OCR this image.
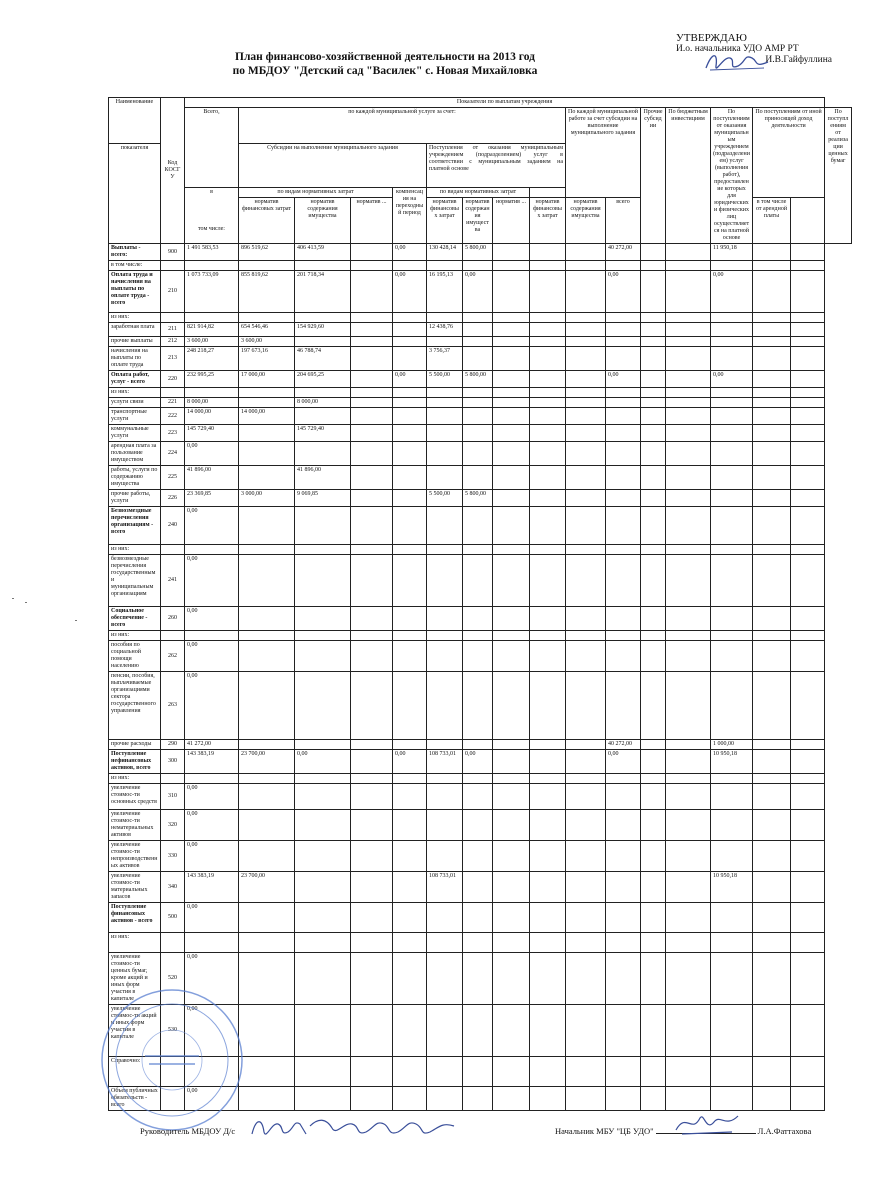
План финансово-хозяйственной деятельности на 2013 год
по МБДОУ "Детский сад "Василек" с. Новая Михайловка
УТВЕРЖДАЮ
И.о. начальника УДО АМР РТ
И.В.Гайфуллина
Наименование	Код КОСГУ	Показатели по выплатам учреждения																
		Всего,	по каждой муниципальной услуге за счет:								По каждой муниципальной работе за счет субсидии на выполнение муниципального задания		Прочие субсидии	По бюджетным инвестициям	По поступлениям от оказания муниципальным учреждением (подразделением) услуг (выполнения работ), предоставление которых для юридических и физических лиц осуществляется на платной основе	По поступлениям от иной приносящей доход деятельности		По поступлениям от реализации ценных бумаг
показателя			Субсидии на выполнение муниципального задания				Поступления от оказания муниципальным учреждением (подразделением) услуг в соответствии с муниципальным заданием на платной основе											

		в
том числе:	по видам нормативных затрат			компенсация на переходный период	по видам нормативных затрат											
			норматив финансовых затрат	норматив содержания имущества	норматив ...		норматив финансовых затрат	норматив содержания имущества	норматив ...	норматив финансовых затрат	норматив содержания имущества	всего				в том числе от арендной платы		
Выплаты - всего:	900	1 491 583,53	896 519,62	406 413,59		0,00	130 428,14	5 800,00				40 272,00			11 950,18			
в том числе:																		
Оплата труда и начисления на выплаты по оплате труда - всего	210	1 073 733,09	855 819,62	201 718,34		0,00	16 195,13	0,00				0,00			0,00			
из них:																		
заработная плата	211	821 914,82	654 546,46	154 929,60			12 438,76											
прочие выплаты	212	3 600,00	3 600,00															
начисления на выплаты по оплате труда	213	248 218,27	197 673,16	46 788,74			3 756,37											
Оплата работ, услуг - всего	220	232 995,25	17 000,00	204 695,25		0,00	5 500,00	5 800,00				0,00			0,00			
из них:																		
услуги связи	221	8 000,00		8 000,00														
транспортные услуги	222	14 000,00	14 000,00															
коммунальные услуги	223	145 729,40		145 729,40														
арендная плата за пользование имуществом	224	0,00																
работы, услуги по содержанию имущества	225	41 896,00		41 896,00														
прочие работы, услуги	226	23 369,85	3 000,00	9 069,85			5 500,00	5 800,00										
Безвозмездные перечисления организациям - всего	240	0,00																
из них:																		
безвозмездные перечисления государственным и муниципальным организациям	241	0,00																
Социальное обеспечение - всего	260	0,00																
из них:																		
пособия по социальной помощи населению	262	0,00																
пенсии, пособия, выплачиваемые организациями сектора государственного управления	263	0,00																
прочие расходы	290	41 272,00										40 272,00			1 000,00			
Поступление нефинансовых активов, всего	300	143 383,19	23 700,00	0,00		0,00	108 733,01	0,00				0,00			10 950,18			
из них:																		
увеличение стоимос-ти основных средств	310	0,00																
увеличение стоимос-ти нематериальных активов	320	0,00																
увеличение стоимос-ти непроизводственных активов	330	0,00																
увеличение стоимос-ти материальных запасов	340	143 383,19	23 700,00				108 733,01								10 950,18			
Поступление финансовых активов - всего	500	0,00																
из них:																		
увеличение стоимос-ти ценных бумаг, кроме акций и иных форм участия в капитале	520	0,00																
увеличение стоимос-ти акций и иных форм участия в капитале	530	0,00																
Справочно:																		
Объем публичных обязательств - всего		0,00																
Руководитель МБДОУ Д/с	Начальник МБУ "ЦБ УДО"	Л.А.Фаттахова
